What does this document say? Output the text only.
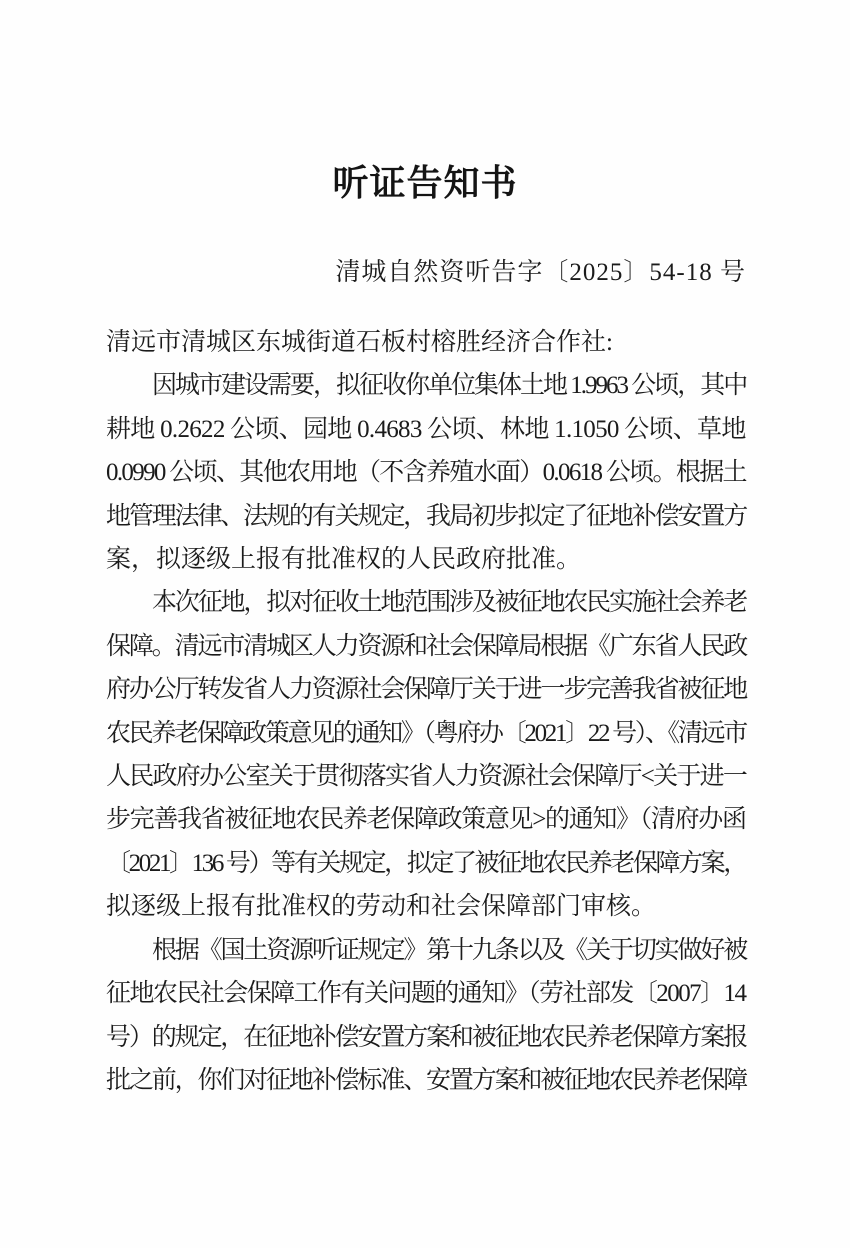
听证告知书
清城自然资听告字〔2025〕54-18 号
清远市清城区东城街道石板村榕胜经济合作社:
因城市建设需要，拟征收你单位集体土地 1.9963 公顷，其中
耕地 0.2622 公顷、园地 0.4683 公顷、林地 1.1050 公顷、草地
0.0990 公顷、其他农用地（不含养殖水面）0.0618 公顷。根据土
地管理法律、法规的有关规定，我局初步拟定了征地补偿安置方
案，拟逐级上报有批准权的人民政府批准。
本次征地，拟对征收土地范围涉及被征地农民实施社会养老
保障。清远市清城区人力资源和社会保障局根据《广东省人民政
府办公厅转发省人力资源社会保障厅关于进一步完善我省被征地
农民养老保障政策意见的通知》（粤府办〔2021〕22 号）、《清远市
人民政府办公室关于贯彻落实省人力资源社会保障厅<关于进一
步完善我省被征地农民养老保障政策意见>的通知》（清府办函
〔2021〕136 号）等有关规定，拟定了被征地农民养老保障方案，
拟逐级上报有批准权的劳动和社会保障部门审核。
根据《国土资源听证规定》第十九条以及《关于切实做好被
征地农民社会保障工作有关问题的通知》（劳社部发〔2007〕14
号）的规定，在征地补偿安置方案和被征地农民养老保障方案报
批之前，你们对征地补偿标准、安置方案和被征地农民养老保障
